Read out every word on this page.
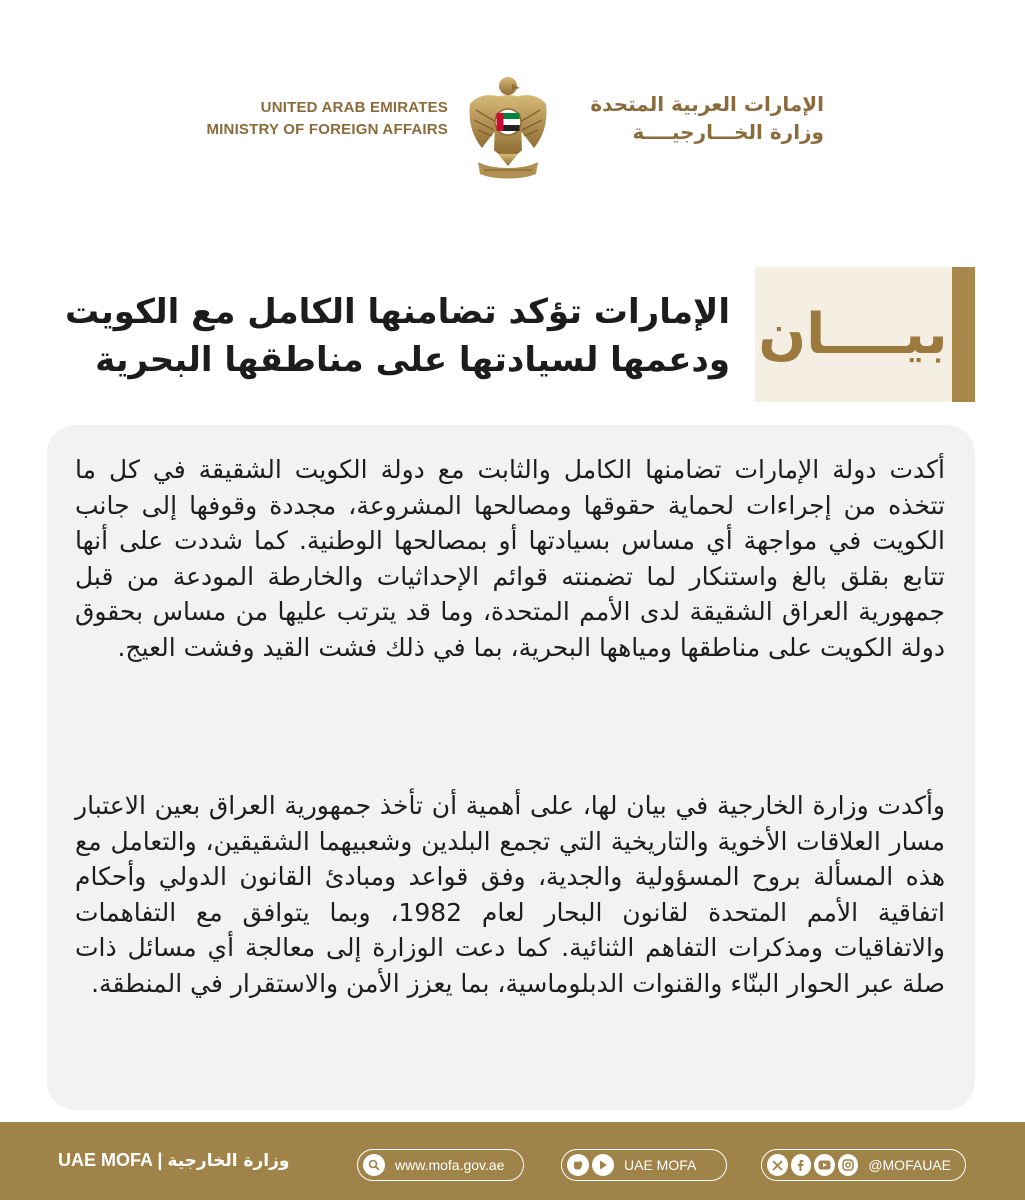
UNITED ARAB EMIRATES
MINISTRY OF FOREIGN AFFAIRS
الإمارات العربية المتحدة
وزارة الخـــارجيــــة
بيــــان
الإمارات تؤكد تضامنها الكامل مع الكويت
ودعمها لسيادتها على مناطقها البحرية
أكدت دولة الإمارات تضامنها الكامل والثابت مع دولة الكويت الشقيقة في كل ما تتخذه من إجراءات لحماية حقوقها ومصالحها المشروعة، مجددة وقوفها إلى جانب الكويت في مواجهة أي مساس بسيادتها أو بمصالحها الوطنية. كما شددت على أنها تتابع بقلق بالغ واستنكار لما تضمنته قوائم الإحداثيات والخارطة المودعة من قبل جمهورية العراق الشقيقة لدى الأمم المتحدة، وما قد يترتب عليها من مساس بحقوق دولة الكويت على مناطقها ومياهها البحرية، بما في ذلك فشت القيد وفشت العيج.
وأكدت وزارة الخارجية في بيان لها، على أهمية أن تأخذ جمهورية العراق بعين الاعتبار مسار العلاقات الأخوية والتاريخية التي تجمع البلدين وشعبيهما الشقيقين، والتعامل مع هذه المسألة بروح المسؤولية والجدية، وفق قواعد ومبادئ القانون الدولي وأحكام اتفاقية الأمم المتحدة لقانون البحار لعام 1982، وبما يتوافق مع التفاهمات والاتفاقيات ومذكرات التفاهم الثنائية. كما دعت الوزارة إلى معالجة أي مسائل ذات صلة عبر الحوار البنّاء والقنوات الدبلوماسية، بما يعزز الأمن والاستقرار في المنطقة.
UAE MOFA | وزارة الخارجية	www.mofa.gov.ae	UAE MOFA	@MOFAUAE
